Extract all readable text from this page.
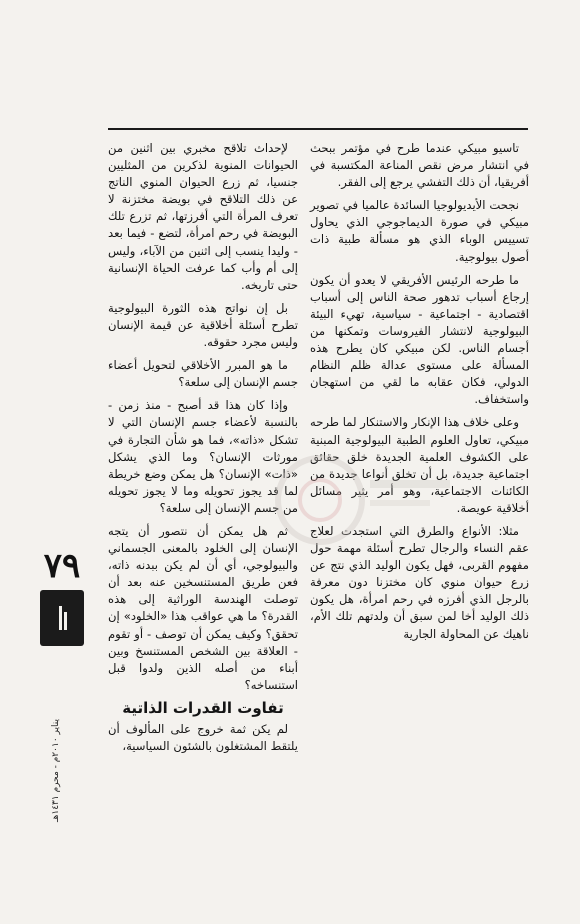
تاسيو مبيكي عندما طرح في مؤتمر ببحث في انتشار مرض نقص المناعة المكتسبة في أفريقيا، أن ذلك التفشي يرجع إلى الفقر.

نجحت الأيديولوجيا السائدة عالميا في تصوير مبيكي في صورة الديماجوجي الذي يحاول تسييس الوباء الذي هو مسألة طبية ذات أصول بيولوجية.

ما طرحه الرئيس الأفريقي لا يعدو أن يكون إرجاع أسباب تدهور صحة الناس إلى أسباب اقتصادية - اجتماعية - سياسية، تهيء البيئة البيولوجية لانتشار الفيروسات وتمكنها من أجسام الناس. لكن مبيكي كان يطرح هذه المسألة على مستوى عدالة ظلم النظام الدولي، فكان عقابه ما لقي من استهجان واستخفاف.

وعلى خلاف هذا الإنكار والاستنكار لما طرحه مبيكي، تعاول العلوم الطبية البيولوجية المبنية على الكشوف العلمية الجديدة خلق حقائق اجتماعية جديدة، بل أن تخلق أنواعا جديدة من الكائنات الاجتماعية، وهو أمر يثير مسائل أخلاقية عويصة.

مثلا: الأنواع والطرق التي استجدت لعلاج عقم النساء والرجال تطرح أسئلة مهمة حول مفهوم القربى، فهل يكون الوليد الذي نتج عن زرع حيوان منوي كان مختزنا دون معرفة بالرجل الذي أفرزه في رحم امرأة، هل يكون ذلك الوليد أخا لمن سبق أن ولدتهم تلك الأم، ناهيك عن المحاولة الجارية

لإحداث تلاقح مخبري بين اثنين من الحيوانات المنوية لذكرين من المثليين جنسيا، ثم زرع الحيوان المنوي الناتج عن ذلك التلاقح في بويضة مختزنة لا تعرف المرأة التي أفرزتها، ثم تزرع تلك البويضة في رحم امرأة، لتضع - فيما بعد - وليدا ينسب إلى اثنين من الآباء، وليس إلى أم وأب كما عرفت الحياة الإنسانية حتى تاريخه.

بل إن نواتج هذه الثورة البيولوجية تطرح أسئلة أخلاقية عن قيمة الإنسان وليس مجرد حقوقه.

ما هو المبرر الأخلاقي لتحويل أعضاء جسم الإنسان إلى سلعة؟

وإذا كان هذا قد أصبح - منذ زمن - بالنسبة لأعضاء جسم الإنسان التي لا تشكل «ذاته»، فما هو شأن التجارة في مورثات الإنسان؟ وما الذي يشكل «ذات» الإنسان؟ هل يمكن وضع خريطة لما قد يجوز تحويله وما لا يجوز تحويله من جسم الإنسان إلى سلعة؟

ثم هل يمكن أن نتصور أن يتجه الإنسان إلى الخلود بالمعنى الجسماني والبيولوجي، أي أن لم يكن ببدنه ذاته، فعن طريق المستنسخين عنه بعد أن توصلت الهندسة الوراثية إلى هذه القدرة؟ ما هي عواقب هذا «الخلود» إن تحقق؟ وكيف يمكن أن توصف - أو تقوم - العلاقة بين الشخص المستنسخ وبين أبناء من أصله الذين ولدوا قبل استنساخه؟

تفاوت القدرات الذاتية

لم يكن ثمة خروج على المألوف أن يلتقط المشتغلون بالشئون السياسية،

٧٩
يناير ٢٠١٠م - محرم ١٤٣١هـ
